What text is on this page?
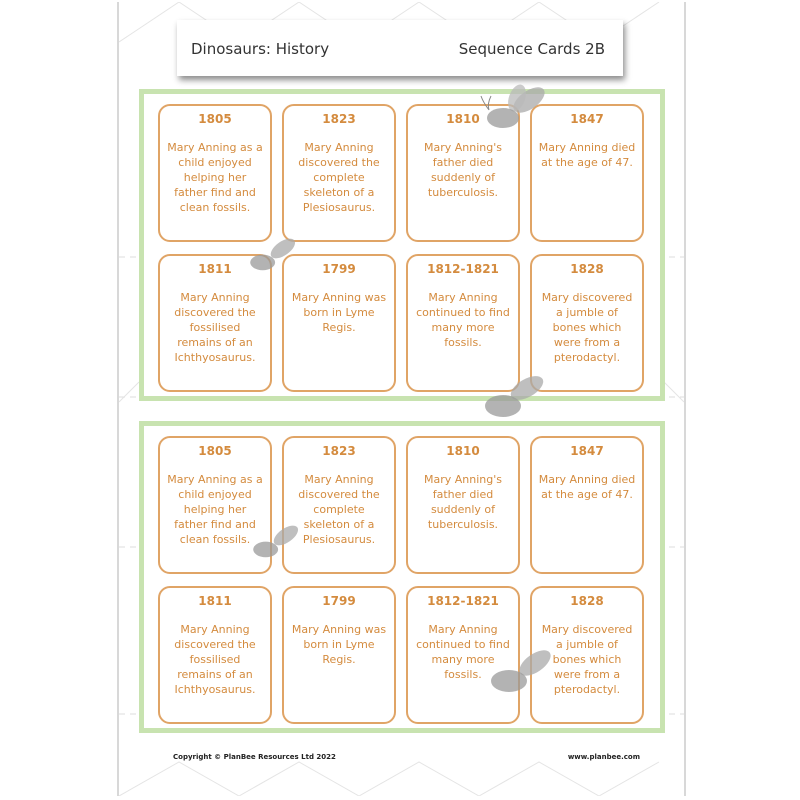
Dinosaurs: History	Sequence Cards 2B
1805
Mary Anning as a child enjoyed helping her father find and clean fossils.
1823
Mary Anning discovered the complete skeleton of a Plesiosaurus.
1810
Mary Anning's father died suddenly of tuberculosis.
1847
Mary Anning died at the age of 47.
1811
Mary Anning discovered the fossilised remains of an Ichthyosaurus.
1799
Mary Anning was born in Lyme Regis.
1812-1821
Mary Anning continued to find many more fossils.
1828
Mary discovered a jumble of bones which were from a pterodactyl.
1805
Mary Anning as a child enjoyed helping her father find and clean fossils.
1823
Mary Anning discovered the complete skeleton of a Plesiosaurus.
1810
Mary Anning's father died suddenly of tuberculosis.
1847
Mary Anning died at the age of 47.
1811
Mary Anning discovered the fossilised remains of an Ichthyosaurus.
1799
Mary Anning was born in Lyme Regis.
1812-1821
Mary Anning continued to find many more fossils.
1828
Mary discovered a jumble of bones which were from a pterodactyl.
Copyright © PlanBee Resources Ltd 2022	www.planbee.com
